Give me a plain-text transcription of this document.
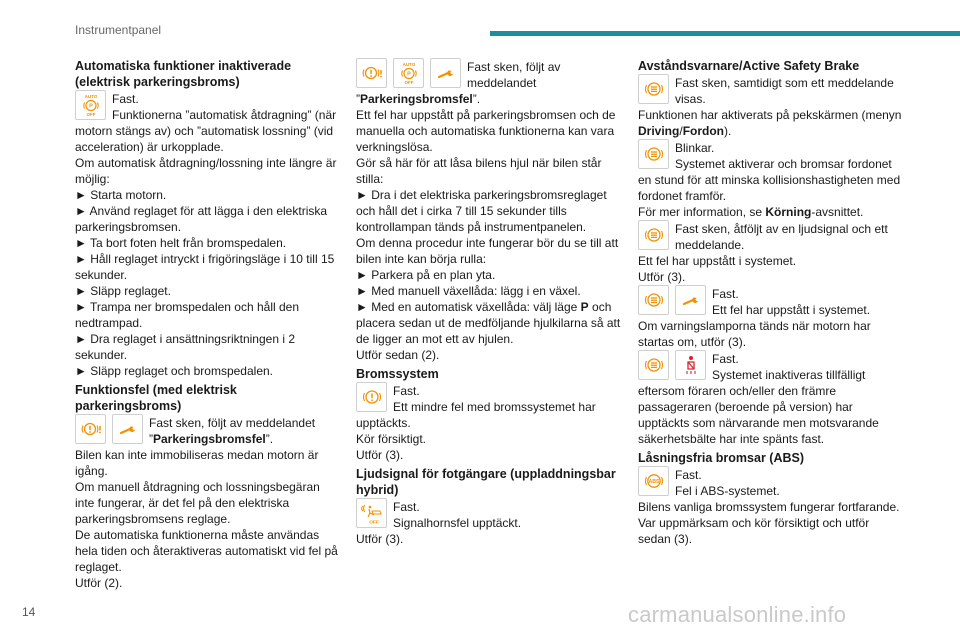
Instrumentpanel
Automatiska funktioner inaktiverade (elektrisk parkeringsbroms)
AUTO
P
OFF

Fast.

Funktionerna ”automatisk åtdragning” (när motorn stängs av) och ”automatisk lossning” (vid acceleration) är urkopplade.

Om automatisk åtdragning/lossning inte längre är möjlig:

► Starta motorn.

► Använd reglaget för att lägga i den elektriska parkeringsbromsen.

► Ta bort foten helt från bromspedalen.

► Håll reglaget intryckt i frigöringsläge i 10 till 15 sekunder.

► Släpp reglaget.

► Trampa ner bromspedalen och håll den nedtrampad.

► Dra reglaget i ansättningsriktningen i 2 sekunder.

► Släpp reglaget och bromspedalen.

Funktionsfel (med elektrisk parkeringsbroms)

Fast sken, följt av meddelandet ”Parkeringsbromsfel”.

Bilen kan inte immobiliseras medan motorn är igång.

Om manuell åtdragning och lossningsbegäran inte fungerar, är det fel på den elektriska parkeringsbromsens reglage.

De automatiska funktionerna måste användas hela tiden och återaktiveras automatiskt vid fel på reglaget.

Utför (2).

AUTO
P
OFF

Fast sken, följt av meddelandet

”Parkeringsbromsfel”.

Ett fel har uppstått på parkeringsbromsen och de manuella och automatiska funktionerna kan vara verkningslösa.

Gör så här för att låsa bilens hjul när bilen står stilla:

► Dra i det elektriska parkeringsbromsreglaget och håll det i cirka 7 till 15 sekunder tills kontrollampan tänds på instrumentpanelen.

Om denna procedur inte fungerar bör du se till att bilen inte kan börja rulla:

► Parkera på en plan yta.

► Med manuell växellåda: lägg i en växel.

► Med en automatisk växellåda: välj läge P och placera sedan ut de medföljande hjulkilarna så att de ligger an mot ett av hjulen.

Utför sedan (2).

Bromssystem

Fast.

Ett mindre fel med bromssystemet har upptäckts.

Kör försiktigt.

Utför (3).

Ljudsignal för fotgängare (uppladdningsbar hybrid)
OFF

Fast.

Signalhornsfel upptäckt.

Utför (3).

Avståndsvarnare/Active Safety Brake

Fast sken, samtidigt som ett meddelande visas.

Funktionen har aktiverats på pekskärmen (menyn Driving/Fordon).

Blinkar.

Systemet aktiverar och bromsar fordonet en stund för att minska kollisionshastigheten med fordonet framför.

För mer information, se Körning-avsnittet.

Fast sken, åtföljt av en ljudsignal och ett meddelande.

Ett fel har uppstått i systemet.

Utför (3).

Fast.

Ett fel har uppstått i systemet.

Om varningslamporna tänds när motorn har startas om, utför (3).

Fast.

Systemet inaktiveras tillfälligt eftersom föraren och/eller den främre passageraren (beroende på version) har upptäckts som närvarande men motsvarande säkerhetsbälte har inte spänts fast.

Låsningsfria bromsar (ABS)
ABS

Fast.

Fel i ABS-systemet.

Bilens vanliga bromssystem fungerar fortfarande. Var uppmärksam och kör försiktigt och utför sedan (3).

14	carmanualsonline.info
